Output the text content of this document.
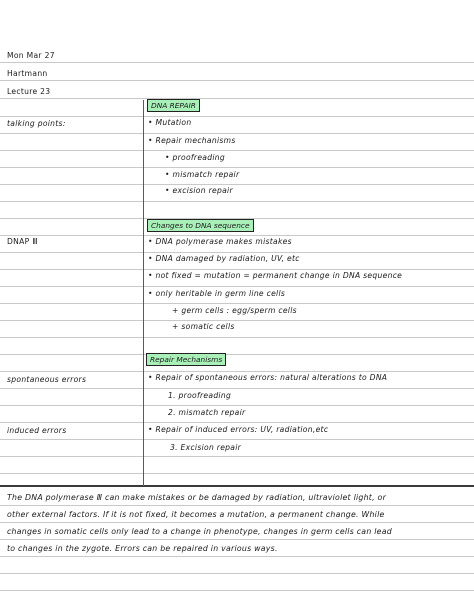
Mon Mar 27
Hartmann
Lecture 23
talking points:
DNAP Ⅲ
spontaneous errors
induced errors
DNA REPAIR
• Mutation
• Repair mechanisms
• proofreading
• mismatch repair
• excision repair
Changes to DNA sequence
• DNA polymerase makes mistakes
• DNA damaged by radiation, UV, etc
• not fixed = mutation = permanent change in DNA sequence
• only heritable in germ line cells
+ germ cells : egg/sperm cells
+ somatic cells
Repair Mechanisms
• Repair of spontaneous errors: natural alterations to DNA
1. proofreading
2. mismatch repair
• Repair of induced errors: UV, radiation,etc
3. Excision repair
The DNA polymerase Ⅲ can make mistakes or be damaged by radiation, ultraviolet light, or
other external factors. If it is not fixed, it becomes a mutation, a permanent change. While
changes in somatic cells only lead to a change in phenotype, changes in germ cells can lead
to changes in the zygote. Errors can be repaired in various ways.
